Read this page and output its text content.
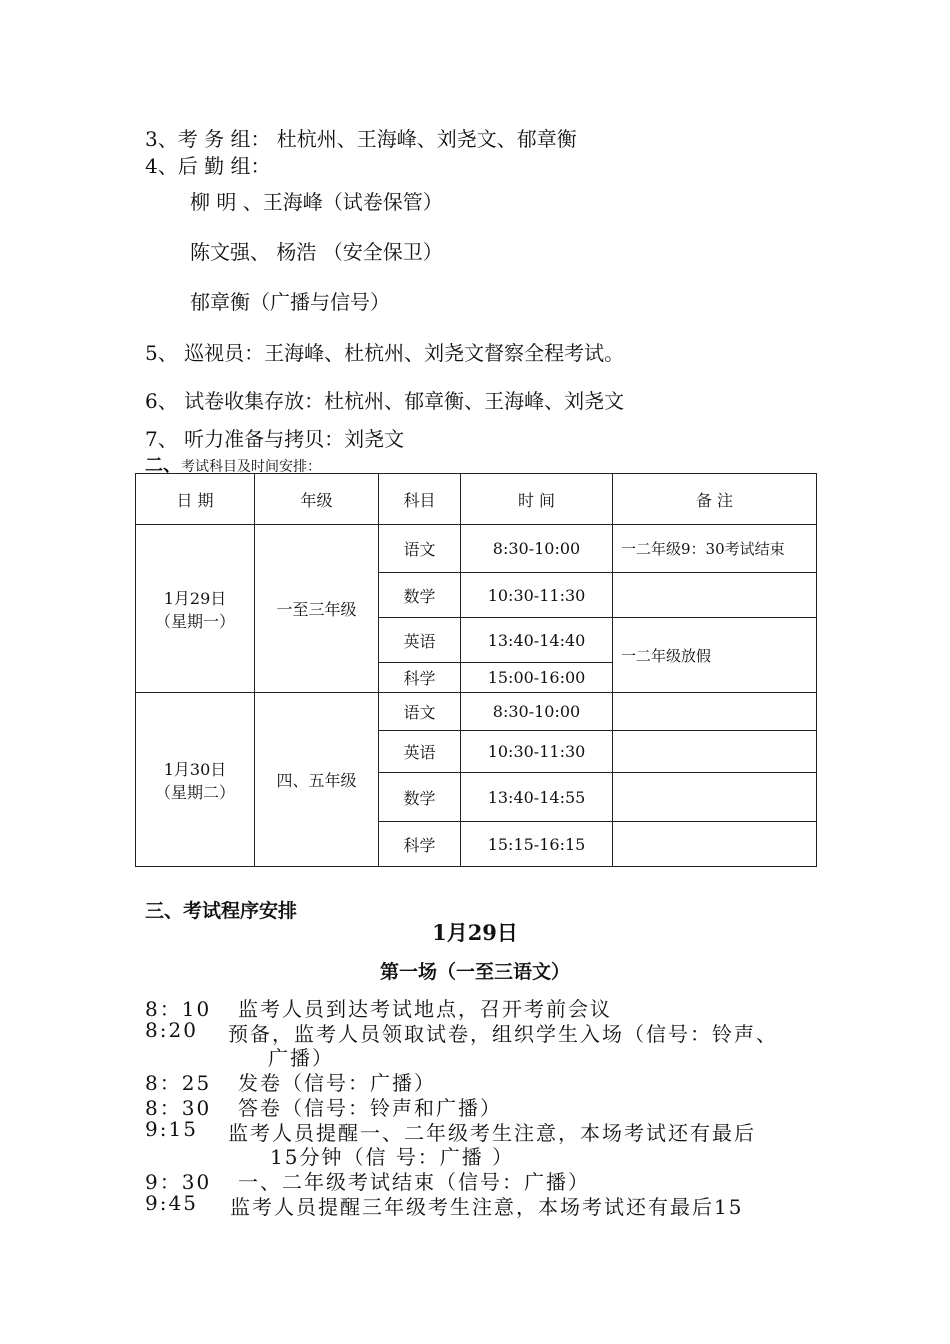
3、考 务 组： 杜杭州、王海峰、刘尧文、郁章衡
4、后 勤 组：
柳 明 、王海峰（试卷保管）
陈文强、 杨浩 （安全保卫）
郁章衡（广播与信号）
5、 巡视员：王海峰、杜杭州、刘尧文督察全程考试。
6、 试卷收集存放：杜杭州、郁章衡、王海峰、刘尧文
7、 听力准备与拷贝：刘尧文
二、考试科目及时间安排：
日 期	年级	科目	时 间	备 注

1月29日
（星期一）	一至三年级	语文	8:30-10:00	一二年级9：30考试结束
		数学	10:30-11:30	
		英语	13:40-14:40	一二年级放假
		科学	15:00-16:00	

1月30日
（星期二）	四、五年级	语文	8:30-10:00	
		英语	10:30-11:30	
		数学	13:40-14:55	
		科学	15:15-16:15	
三、考试程序安排
1月29日
第一场（一至三语文）
8：10 监考人员到达考试地点，召开考前会议
8:20 预备，监考人员领取试卷，组织学生入场（信号：铃声、
广播）
8：25 发卷（信号：广播）
8：30 答卷（信号：铃声和广播）
9:15 监考人员提醒一、二年级考生注意，本场考试还有最后
15分钟（信 号：广播 ）
9：30 一、二年级考试结束（信号：广播）
9:45 监考人员提醒三年级考生注意，本场考试还有最后15
